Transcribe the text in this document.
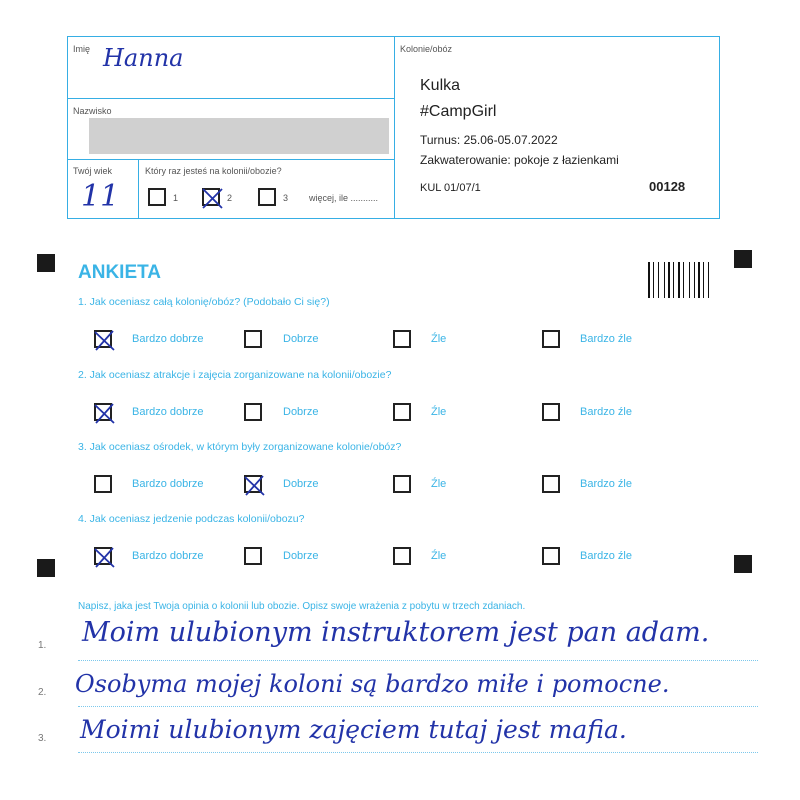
Imię Hanna
Nazwisko
Twój wiek
11
Który raz jesteś na kolonii/obozie?
1	2	3 więcej, ile ...........
Kolonie/obóz
Kulka
#CampGirl
Turnus: 25.06-05.07.2022
Zakwaterowanie: pokoje z łazienkami
KUL 01/07/1	00128
ANKIETA
1. Jak oceniasz całą kolonię/obóz? (Podobało Ci się?)
Bardzo dobrze	Dobrze	Źle	Bardzo źle
2. Jak oceniasz atrakcje i zajęcia zorganizowane na kolonii/obozie?
Bardzo dobrze	Dobrze	Źle	Bardzo źle
3. Jak oceniasz ośrodek, w którym były zorganizowane kolonie/obóz?
Bardzo dobrze	Dobrze	Źle	Bardzo źle
4. Jak oceniasz jedzenie podczas kolonii/obozu?
Bardzo dobrze	Dobrze	Źle	Bardzo źle
Napisz, jaka jest Twoja opinia o kolonii lub obozie. Opisz swoje wrażenia z pobytu w trzech zdaniach.
1. Moim ulubionym instruktorem jest pan adam.
2. Osobyma mojej koloni są bardzo miłe i pomocne.
3. Moimi ulubionym zajęciem tutaj jest mafia.
